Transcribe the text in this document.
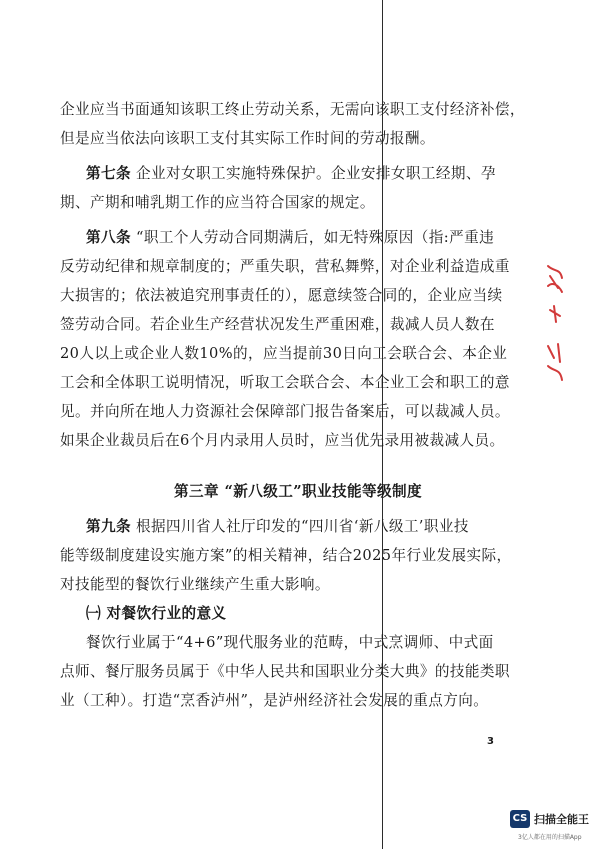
企业应当书面通知该职工终止劳动关系，无需向该职工支付经济补偿，
但是应当依法向该职工支付其实际工作时间的劳动报酬。
第七条 企业对女职工实施特殊保护。企业安排女职工经期、孕
期、产期和哺乳期工作的应当符合国家的规定。
第八条 “职工个人劳动合同期满后，如无特殊原因（指:严重违
反劳动纪律和规章制度的；严重失职，营私舞弊，对企业利益造成重
大损害的；依法被追究刑事责任的），愿意续签合同的，企业应当续
签劳动合同。若企业生产经营状况发生严重困难，裁减人员人数在
20人以上或企业人数10%的，应当提前30日向工会联合会、本企业
工会和全体职工说明情况，听取工会联合会、本企业工会和职工的意
见。并向所在地人力资源社会保障部门报告备案后，可以裁减人员。
如果企业裁员后在6个月内录用人员时，应当优先录用被裁减人员。
第三章 “新八级工”职业技能等级制度
第九条 根据四川省人社厅印发的“四川省‘新八级工’职业技
能等级制度建设实施方案”的相关精神，结合2025年行业发展实际，
对技能型的餐饮行业继续产生重大影响。
㈠ 对餐饮行业的意义
餐饮行业属于“4+6”现代服务业的范畴，中式烹调师、中式面
点师、餐厅服务员属于《中华人民共和国职业分类大典》的技能类职
业（工种）。打造“烹香泸州”，是泸州经济社会发展的重点方向。
3
CS 扫描全能王
3亿人都在用的扫描App
